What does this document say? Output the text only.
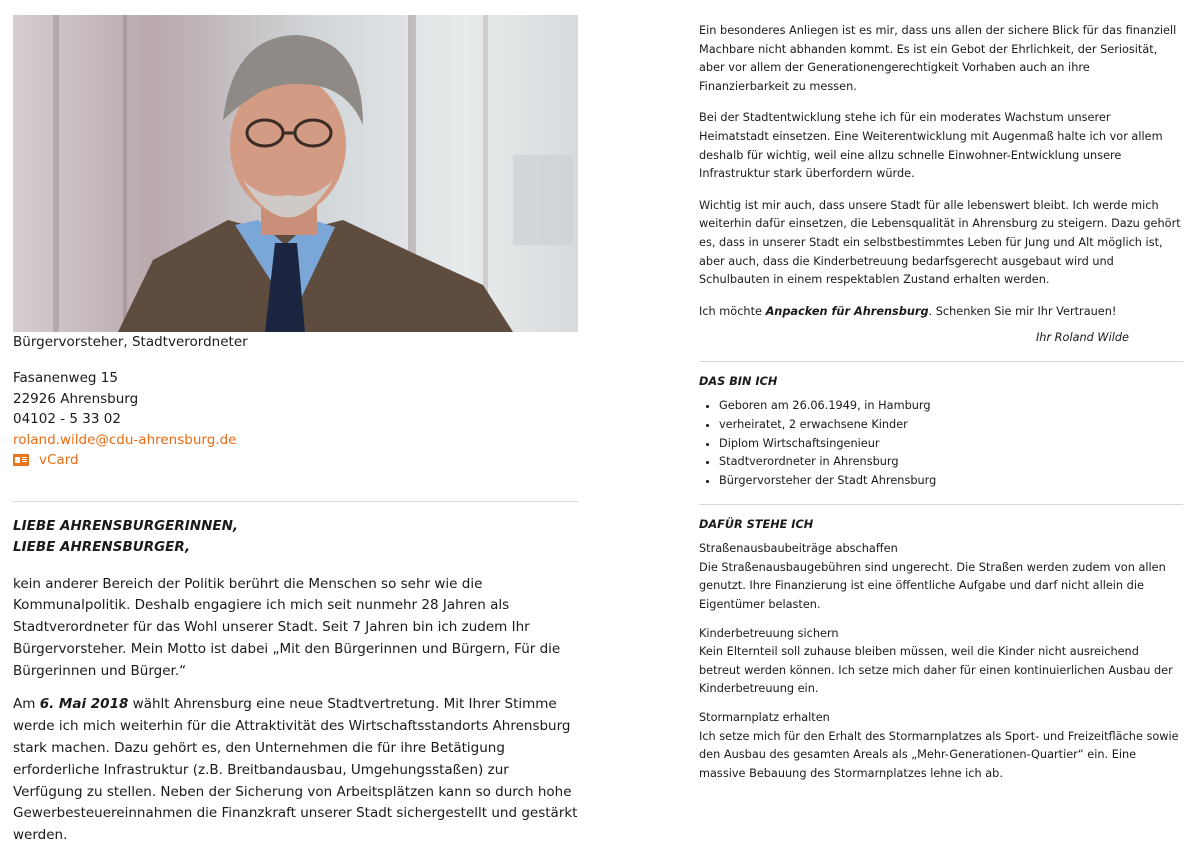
Bürgervorsteher, Stadtverordneter
Fasanenweg 15
22926 Ahrensburg
04102 - 5 33 02
roland.wilde@cdu-ahrensburg.de
vCard
LIEBE AHRENSBURGERINNEN,
LIEBE AHRENSBURGER,

kein anderer Bereich der Politik berührt die Menschen so sehr wie die Kommunalpolitik. Deshalb engagiere ich mich seit nunmehr 28 Jahren als Stadtverordneter für das Wohl unserer Stadt. Seit 7 Jahren bin ich zudem Ihr Bürgervorsteher. Mein Motto ist dabei „Mit den Bürgerinnen und Bürgern, Für die Bürgerinnen und Bürger.“

Am 6. Mai 2018 wählt Ahrensburg eine neue Stadtvertretung. Mit Ihrer Stimme werde ich mich weiterhin für die Attraktivität des Wirtschaftsstandorts Ahrensburg stark machen. Dazu gehört es, den Unternehmen die für ihre Betätigung erforderliche Infrastruktur (z.B. Breitbandausbau, Umgehungsstaßen) zur Verfügung zu stellen. Neben der Sicherung von Arbeitsplätzen kann so durch hohe Gewerbesteuereinnahmen die Finanzkraft unserer Stadt sichergestellt und gestärkt werden.

Ein besonderes Anliegen ist es mir, dass uns allen der sichere Blick für das finanziell Machbare nicht abhanden kommt. Es ist ein Gebot der Ehrlichkeit, der Seriosität, aber vor allem der Generationengerechtigkeit Vorhaben auch an ihre Finanzierbarkeit zu messen.

Bei der Stadtentwicklung stehe ich für ein moderates Wachstum unserer Heimatstadt einsetzen. Eine Weiterentwicklung mit Augenmaß halte ich vor allem deshalb für wichtig, weil eine allzu schnelle Einwohner-Entwicklung unsere Infrastruktur stark überfordern würde.

Wichtig ist mir auch, dass unsere Stadt für alle lebenswert bleibt. Ich werde mich weiterhin dafür einsetzen, die Lebensqualität in Ahrensburg zu steigern. Dazu gehört es, dass in unserer Stadt ein selbstbestimmtes Leben für Jung und Alt möglich ist, aber auch, dass die Kinderbetreuung bedarfsgerecht ausgebaut wird und Schulbauten in einem respektablen Zustand erhalten werden.

Ich möchte Anpacken für Ahrensburg. Schenken Sie mir Ihr Vertrauen!

Ihr Roland Wilde
DAS BIN ICH
• Geboren am 26.06.1949, in Hamburg
• verheiratet, 2 erwachsene Kinder
• Diplom Wirtschaftsingenieur
• Stadtverordneter in Ahrensburg
• Bürgervorsteher der Stadt Ahrensburg
DAFÜR STEHE ICH
Straßenausbaubeiträge abschaffen

Die Straßenausbaugebühren sind ungerecht. Die Straßen werden zudem von allen genutzt. Ihre Finanzierung ist eine öffentliche Aufgabe und darf nicht allein die Eigentümer belasten.

Kinderbetreuung sichern

Kein Elternteil soll zuhause bleiben müssen, weil die Kinder nicht ausreichend betreut werden können. Ich setze mich daher für einen kontinuierlichen Ausbau der Kinderbetreuung ein.

Stormarnplatz erhalten

Ich setze mich für den Erhalt des Stormarnplatzes als Sport- und Freizeitfläche sowie den Ausbau des gesamten Areals als „Mehr-Generationen-Quartier“ ein. Eine massive Bebauung des Stormarnplatzes lehne ich ab.
